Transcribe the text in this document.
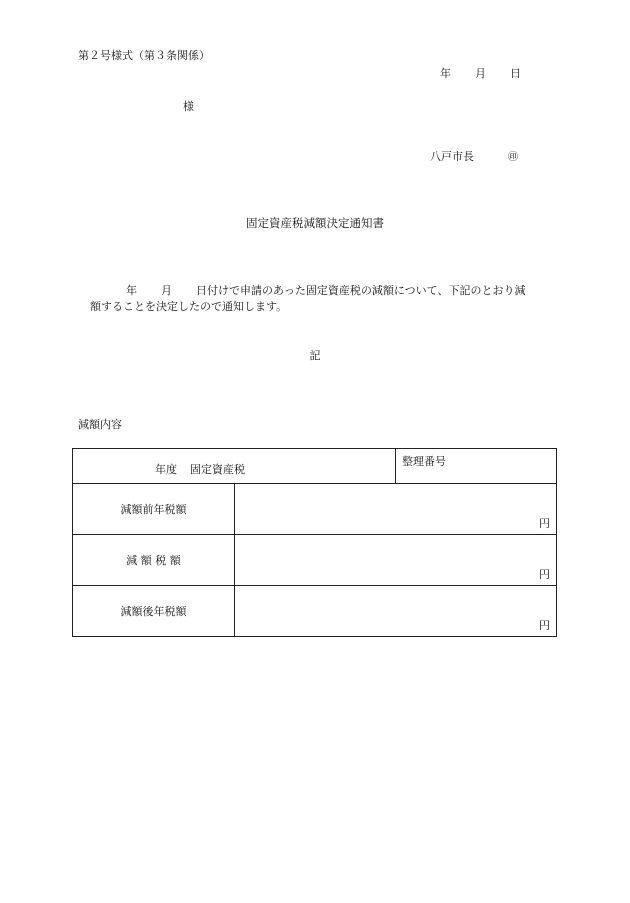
第２号様式（第３条関係）
年 月 日
様
八戸市長	㊞
固定資産税減額決定通知書
年 月 日付けで申請のあった固定資産税の減額について、下記のとおり減
額することを決定したので通知します。
記
減額内容
年度 固定資産税		整理番号

減額前年税額	円	

減 額 税 額	円	

減額後年税額	円	
